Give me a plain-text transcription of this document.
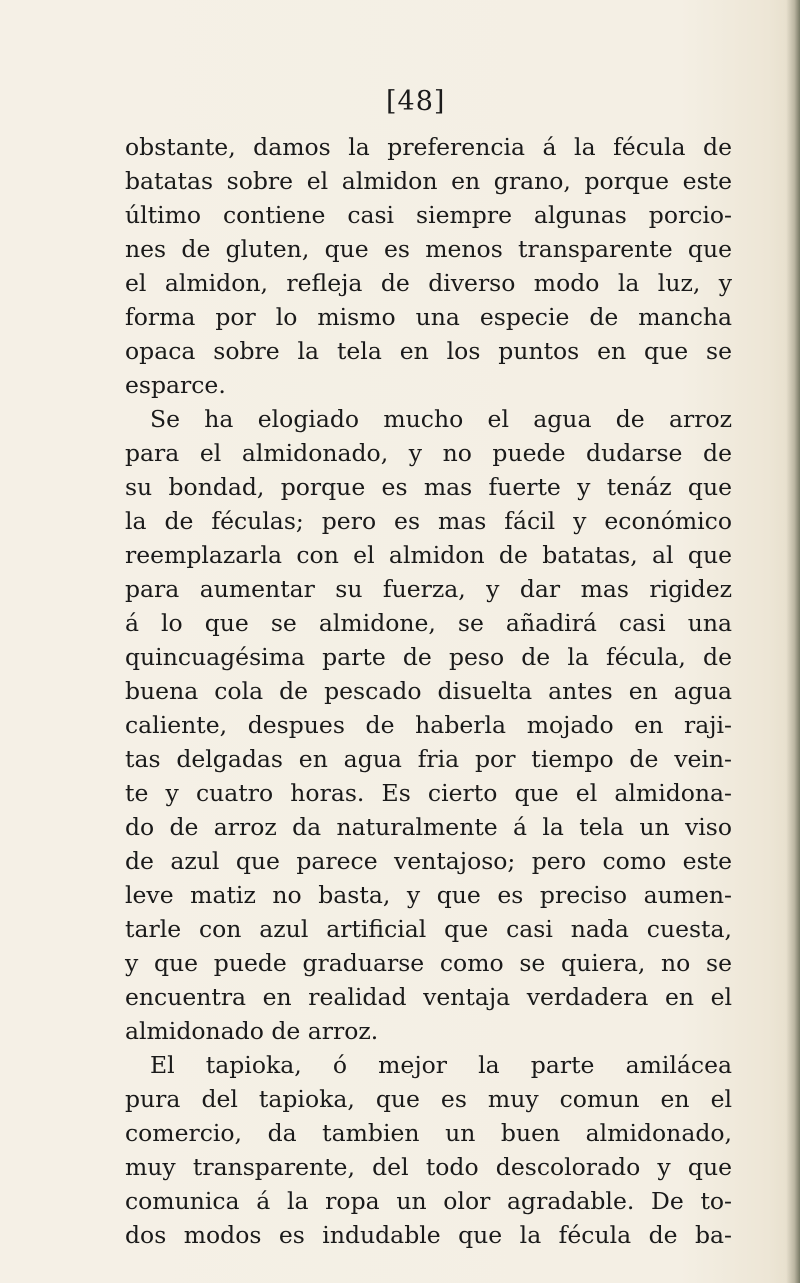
[48]
obstante, damos la preferencia á la fécula de
batatas sobre el almidon en grano, porque este
último contiene casi siempre algunas porcio-
nes de gluten, que es menos transparente que
el almidon, refleja de diverso modo la luz, y
forma por lo mismo una especie de mancha
opaca sobre la tela en los puntos en que se
esparce.
Se ha elogiado mucho el agua de arroz
para el almidonado, y no puede dudarse de
su bondad, porque es mas fuerte y tenáz que
la de féculas; pero es mas fácil y económico
reemplazarla con el almidon de batatas, al que
para aumentar su fuerza, y dar mas rigidez
á lo que se almidone, se añadirá casi una
quincuagésima parte de peso de la fécula, de
buena cola de pescado disuelta antes en agua
caliente, despues de haberla mojado en raji-
tas delgadas en agua fria por tiempo de vein-
te y cuatro horas. Es cierto que el almidona-
do de arroz da naturalmente á la tela un viso
de azul que parece ventajoso; pero como este
leve matiz no basta, y que es preciso aumen-
tarle con azul artificial que casi nada cuesta,
y que puede graduarse como se quiera, no se
encuentra en realidad ventaja verdadera en el
almidonado de arroz.
El tapioka, ó mejor la parte amilácea
pura del tapioka, que es muy comun en el
comercio, da tambien un buen almidonado,
muy transparente, del todo descolorado y que
comunica á la ropa un olor agradable. De to-
dos modos es indudable que la fécula de ba-
